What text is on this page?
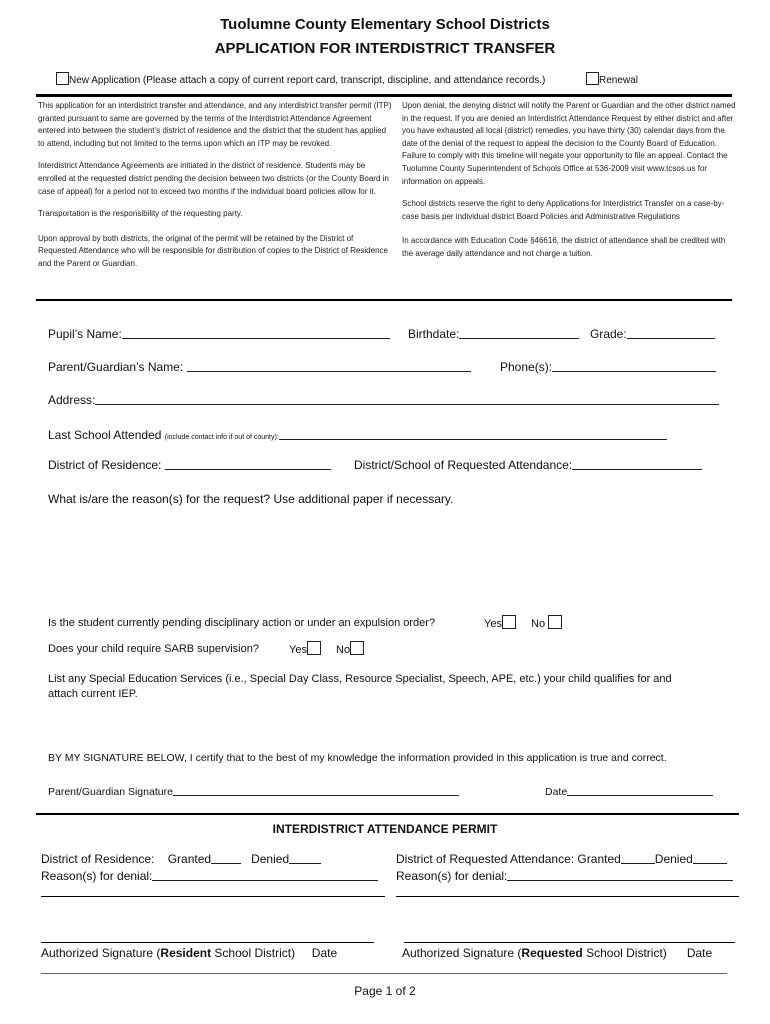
Tuolumne County Elementary School Districts
APPLICATION FOR INTERDISTRICT TRANSFER
New Application (Please attach a copy of current report card, transcript, discipline, and attendance records.)	Renewal

This application for an interdistrict transfer and attendance, and any interdistrict transfer permit (ITP) granted pursuant to same are governed by the terms of the Interdistrict Attendance Agreement entered into between the student’s district of residence and the district that the student has applied to attend, including but not limited to the terms upon which an ITP may be revoked.

Interdistrict Attendance Agreements are initiated in the district of residence. Students may be enrolled at the requested district pending the decision between two districts (or the County Board in case of appeal) for a period not to exceed two months if the individual board policies allow for it.

Transportation is the responsibility of the requesting party.

Upon approval by both districts, the original of the permit will be retained by the District of Requested Attendance who will be responsible for distribution of copies to the District of Residence and the Parent or Guardian.

Upon denial, the denying district will notify the Parent or Guardian and the other district named in the request. If you are denied an Interdistrict Attendance Request by either district and after you have exhausted all local (district) remedies, you have thirty (30) calendar days from the date of the denial of the request to appeal the decision to the County Board of Education. Failure to comply with this timeline will negate your opportunity to file an appeal. Contact the Tuolumne County Superintendent of Schools Office at 536-2009 visit www.tcsos.us for information on appeals.

School districts reserve the right to deny Applications for Interdistrict Transfer on a case-by-case basis per individual district Board Policies and Administrative Regulations

In accordance with Education Code §46616, the district of attendance shall be credited with the average daily attendance and not charge a tuition.

Pupil’s Name:	Birthdate:	Grade:
Parent/Guardian’s Name:	Phone(s):
Address:
Last School Attended (include contact info if out of county):
District of Residence:	District/School of Requested Attendance:
What is/are the reason(s) for the request? Use additional paper if necessary.
Is the student currently pending disciplinary action or under an expulsion order?	Yes	No
Does your child require SARB supervision?	Yes	No
List any Special Education Services (i.e., Special Day Class, Resource Specialist, Speech, APE, etc.) your child qualifies for and attach current IEP.
BY MY SIGNATURE BELOW, I certify that to the best of my knowledge the information provided in this application is true and correct.
Parent/Guardian Signature	Date
INTERDISTRICT ATTENDANCE PERMIT
District of Residence: Granted	Denied	District of Requested Attendance: Granted	Denied
Reason(s) for denial:	Reason(s) for denial:
Authorized Signature (Resident School District) Date	Authorized Signature (Requested School District) Date
Page 1 of 2
